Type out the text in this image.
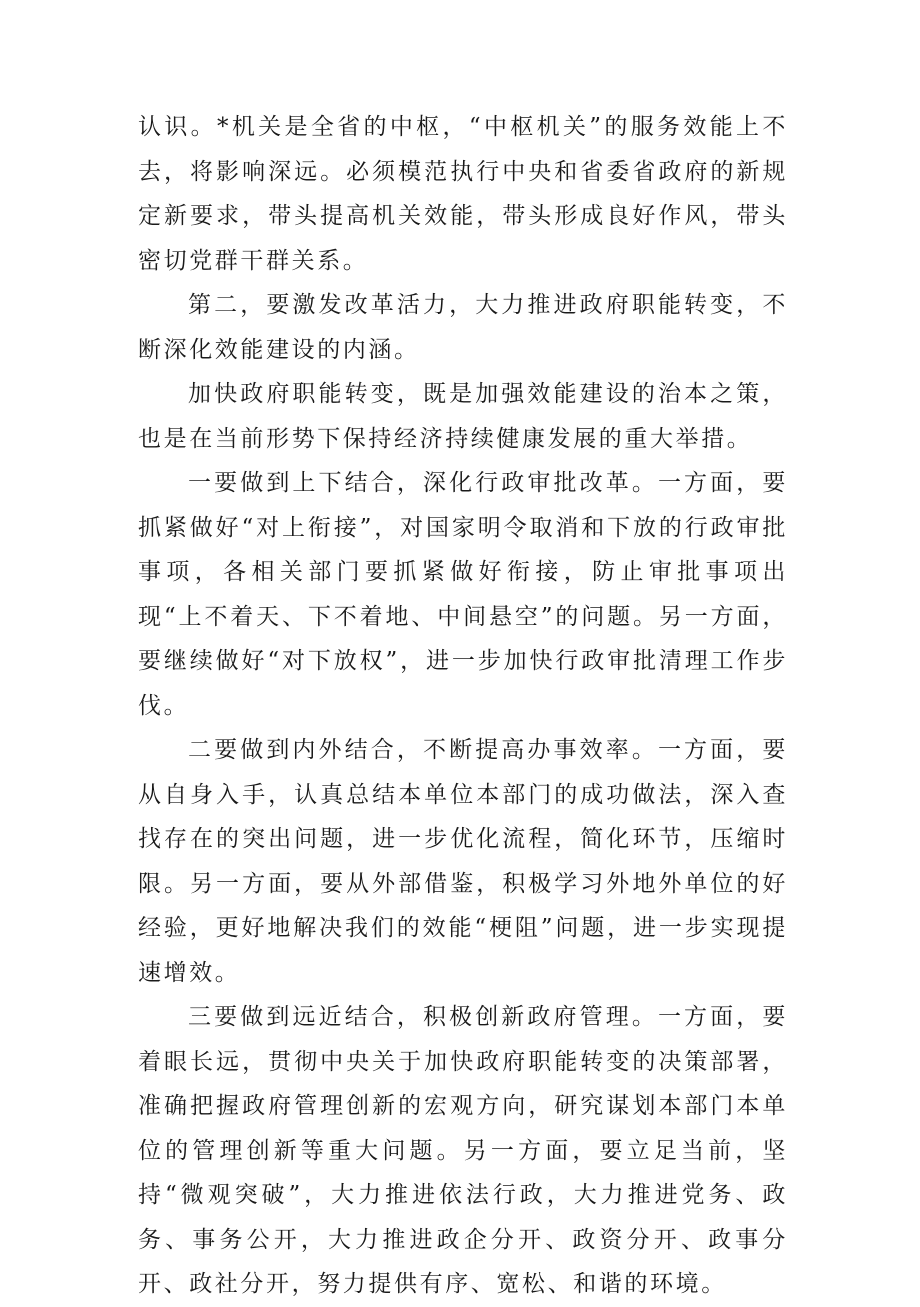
认识。*机关是全省的中枢，“中枢机关”的服务效能上不去，将影响深远。必须模范执行中央和省委省政府的新规定新要求，带头提高机关效能，带头形成良好作风，带头密切党群干群关系。

第二，要激发改革活力，大力推进政府职能转变，不断深化效能建设的内涵。

加快政府职能转变，既是加强效能建设的治本之策，也是在当前形势下保持经济持续健康发展的重大举措。

一要做到上下结合，深化行政审批改革。一方面，要抓紧做好“对上衔接”，对国家明令取消和下放的行政审批事项，各相关部门要抓紧做好衔接，防止审批事项出现“上不着天、下不着地、中间悬空”的问题。另一方面，要继续做好“对下放权”，进一步加快行政审批清理工作步伐。

二要做到内外结合，不断提高办事效率。一方面，要从自身入手，认真总结本单位本部门的成功做法，深入查找存在的突出问题，进一步优化流程，简化环节，压缩时限。另一方面，要从外部借鉴，积极学习外地外单位的好经验，更好地解决我们的效能“梗阻”问题，进一步实现提速增效。

三要做到远近结合，积极创新政府管理。一方面，要着眼长远，贯彻中央关于加快政府职能转变的决策部署，准确把握政府管理创新的宏观方向，研究谋划本部门本单位的管理创新等重大问题。另一方面，要立足当前，坚持“微观突破”，大力推进依法行政，大力推进党务、政务、事务公开，大力推进政企分开、政资分开、政事分开、政社分开，努力提供有序、宽松、和谐的环境。
